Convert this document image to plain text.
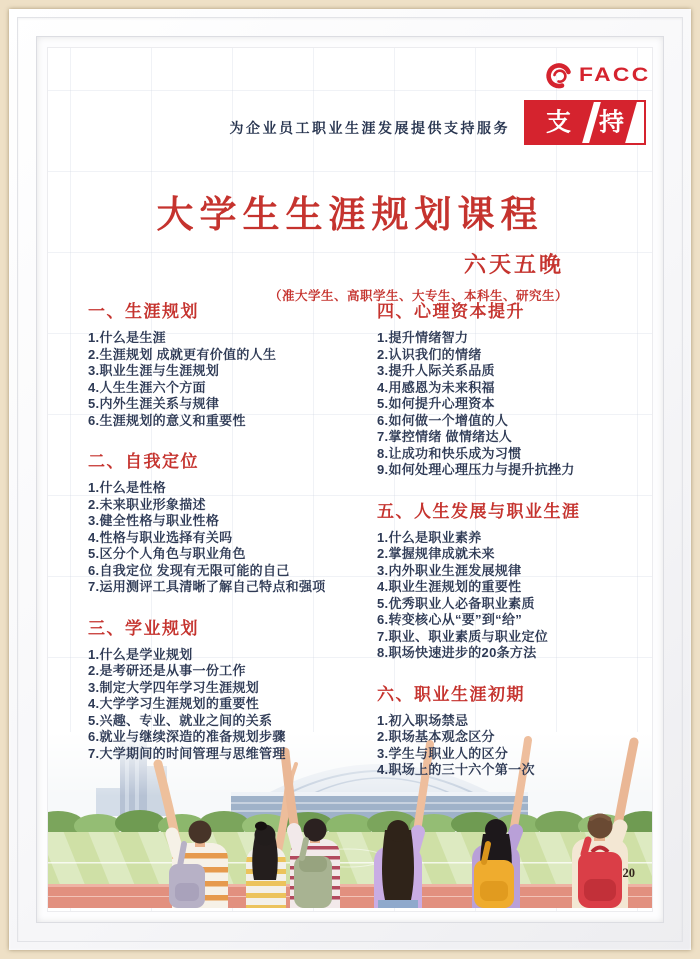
FACC
为企业员工职业生涯发展提供支持服务 支 持
大学生生涯规划课程
六天五晚
（准大学生、高职学生、大专生、本科生、研究生）
一、生涯规划
1.什么是生涯
2.生涯规划 成就更有价值的人生
3.职业生涯与生涯规划
4.人生生涯六个方面
5.内外生涯关系与规律
6.生涯规划的意义和重要性
二、自我定位
1.什么是性格
2.未来职业形象描述
3.健全性格与职业性格
4.性格与职业选择有关吗
5.区分个人角色与职业角色
6.自我定位 发现有无限可能的自己
7.运用测评工具清晰了解自己特点和强项
三、学业规划
1.什么是学业规划
2.是考研还是从事一份工作
3.制定大学四年学习生涯规划
4.大学学习生涯规划的重要性
5.兴趣、专业、就业之间的关系
6.就业与继续深造的准备规划步骤
7.大学期间的时间管理与思维管理
四、心理资本提升
1.提升情绪智力
2.认识我们的情绪
3.提升人际关系品质
4.用感恩为未来积福
5.如何提升心理资本
6.如何做一个增值的人
7.掌控情绪 做情绪达人
8.让成功和快乐成为习惯
9.如何处理心理压力与提升抗挫力
五、人生发展与职业生涯
1.什么是职业素养
2.掌握规律成就未来
3.内外职业生涯发展规律
4.职业生涯规划的重要性
5.优秀职业人必备职业素质
6.转变核心从“要”到“给”
7.职业、职业素质与职业定位
8.职场快速进步的20条方法
六、职业生涯初期
1.初入职场禁忌
2.职场基本观念区分
3.学生与职业人的区分
4.职场上的三十六个第一次
20
